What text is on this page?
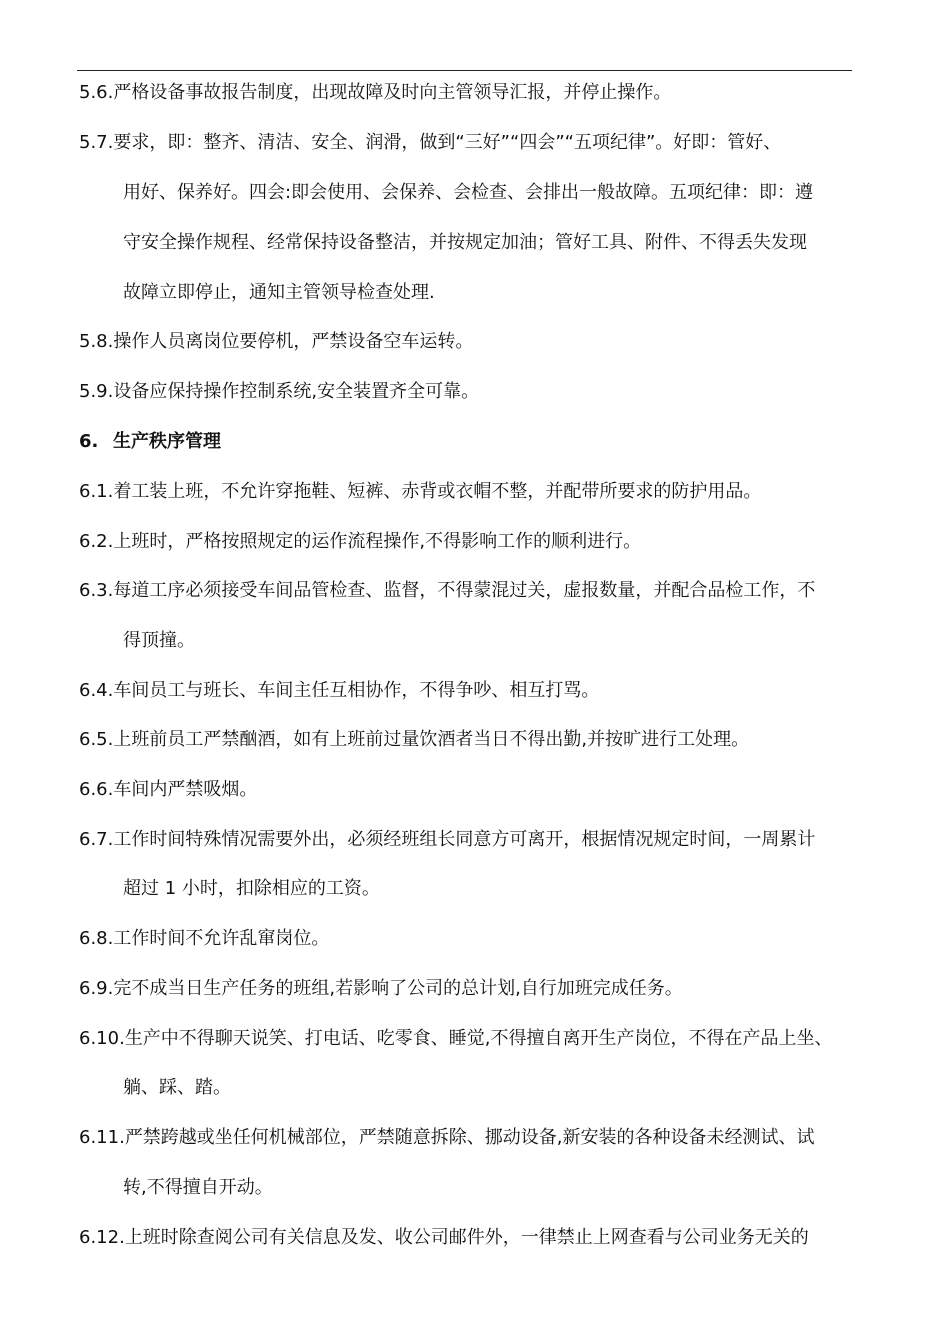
5.6.严格设备事故报告制度，出现故障及时向主管领导汇报，并停止操作。
5.7.要求，即：整齐、清洁、安全、润滑，做到“三好”“四会”“五项纪律”。好即：管好、
用好、保养好。四会:即会使用、会保养、会检查、会排出一般故障。五项纪律：即：遵
守安全操作规程、经常保持设备整洁，并按规定加油；管好工具、附件、不得丢失发现
故障立即停止，通知主管领导检查处理.
5.8.操作人员离岗位要停机，严禁设备空车运转。
5.9.设备应保持操作控制系统,安全装置齐全可靠。
6. 生产秩序管理
6.1.着工装上班，不允许穿拖鞋、短裤、赤背或衣帽不整，并配带所要求的防护用品。
6.2.上班时，严格按照规定的运作流程操作,不得影响工作的顺利进行。
6.3.每道工序必须接受车间品管检查、监督，不得蒙混过关，虚报数量，并配合品检工作，不
得顶撞。
6.4.车间员工与班长、车间主任互相协作，不得争吵、相互打骂。
6.5.上班前员工严禁酗酒，如有上班前过量饮酒者当日不得出勤,并按旷进行工处理。
6.6.车间内严禁吸烟。
6.7.工作时间特殊情况需要外出，必须经班组长同意方可离开，根据情况规定时间，一周累计
超过 1 小时，扣除相应的工资。
6.8.工作时间不允许乱窜岗位。
6.9.完不成当日生产任务的班组,若影响了公司的总计划,自行加班完成任务。
6.10.生产中不得聊天说笑、打电话、吃零食、睡觉,不得擅自离开生产岗位，不得在产品上坐、
躺、踩、踏。
6.11.严禁跨越或坐任何机械部位，严禁随意拆除、挪动设备,新安装的各种设备未经测试、试
转,不得擅自开动。
6.12.上班时除查阅公司有关信息及发、收公司邮件外，一律禁止上网查看与公司业务无关的
